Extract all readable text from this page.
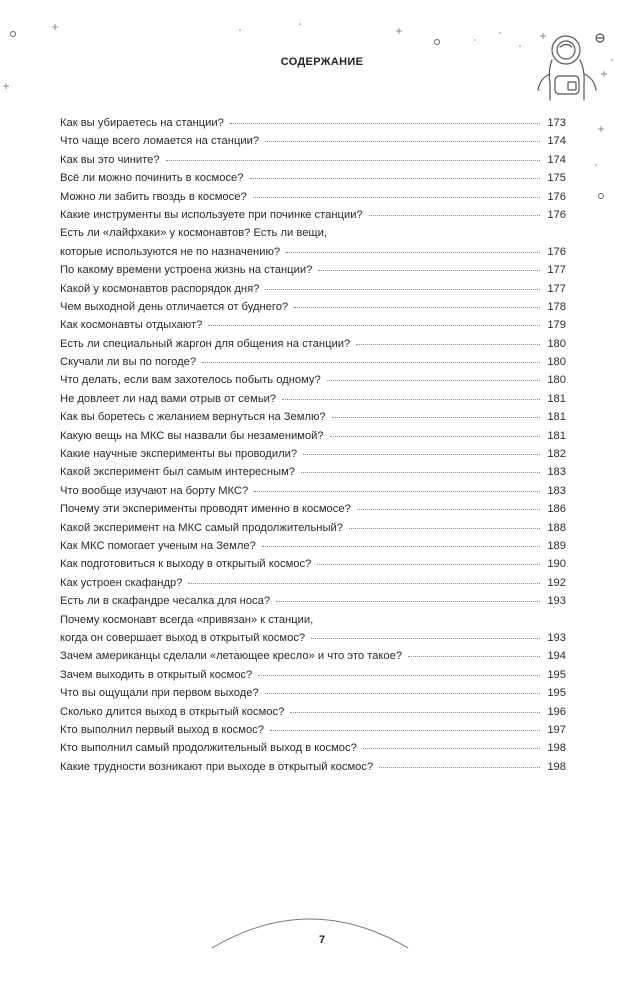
СОДЕРЖАНИЕ
Как вы убираетесь на станции?	173
Что чаще всего ломается на станции?	174
Как вы это чините?	174
Всё ли можно починить в космосе?	175
Можно ли забить гвоздь в космосе?	176
Какие инструменты вы используете при починке станции?	176
Есть ли «лайфхаки» у космонавтов? Есть ли вещи,
которые используются не по назначению?	176
По какому времени устроена жизнь на станции?	177
Какой у космонавтов распорядок дня?	177
Чем выходной день отличается от буднего?	178
Как космонавты отдыхают?	179
Есть ли специальный жаргон для общения на станции?	180
Скучали ли вы по погоде?	180
Что делать, если вам захотелось побыть одному?	180
Не довлеет ли над вами отрыв от семьи?	181
Как вы боретесь с желанием вернуться на Землю?	181
Какую вещь на МКС вы назвали бы незаменимой?	181
Какие научные эксперименты вы проводили?	182
Какой эксперимент был самым интересным?	183
Что вообще изучают на борту МКС?	183
Почему эти эксперименты проводят именно в космосе?	186
Какой эксперимент на МКС самый продолжительный?	188
Как МКС помогает ученым на Земле?	189
Как подготовиться к выходу в открытый космос?	190
Как устроен скафандр?	192
Есть ли в скафандре чесалка для носа?	193
Почему космонавт всегда «привязан» к станции,
когда он совершает выход в открытый космос?	193
Зачем американцы сделали «летающее кресло» и что это такое?	194
Зачем выходить в открытый космос?	195
Что вы ощущали при первом выходе?	195
Сколько длится выход в открытый космос?	196
Кто выполнил первый выход в космос?	197
Кто выполнил самый продолжительный выход в космос?	198
Какие трудности возникают при выходе в открытый космос?	198
7
